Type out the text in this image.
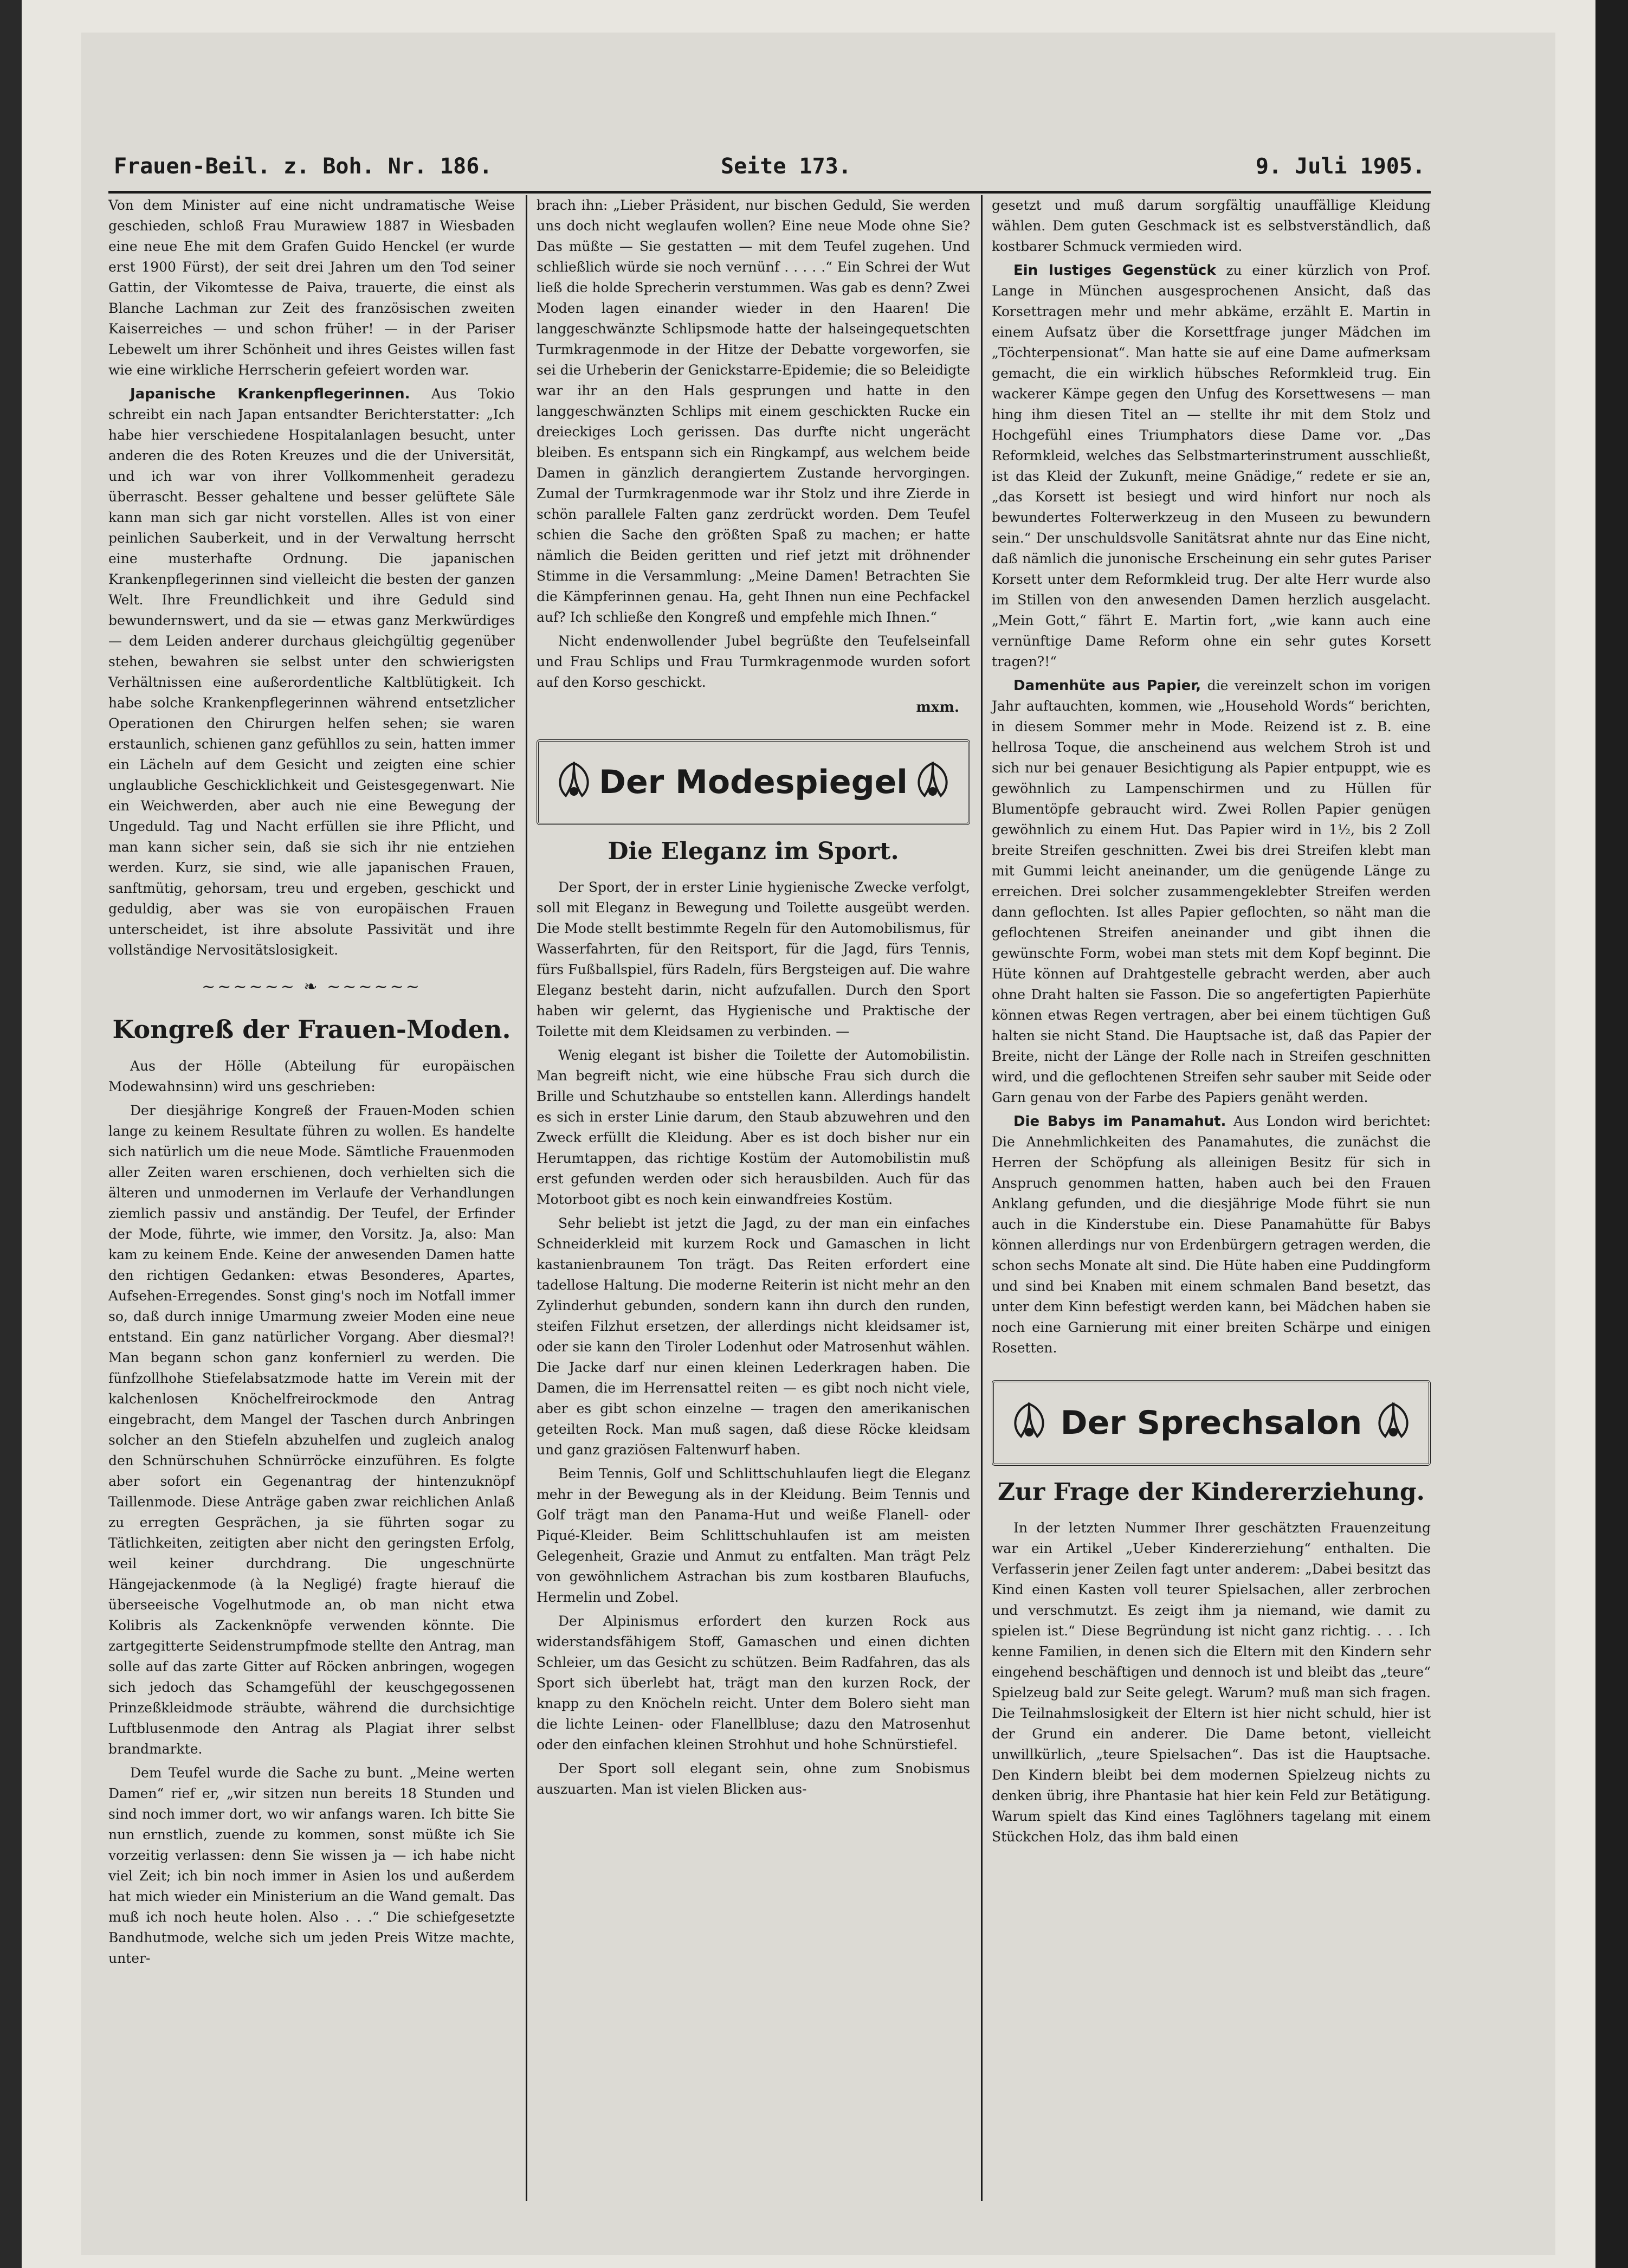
Frauen-Beil. z. Boh. Nr. 186.	Seite 173.	9. Juli 1905.

Von dem Minister auf eine nicht undramatische Weise geschieden, schloß Frau Murawiew 1887 in Wiesbaden eine neue Ehe mit dem Grafen Guido Henckel (er wurde erst 1900 Fürst), der seit drei Jahren um den Tod seiner Gattin, der Vikomtesse de Paiva, trauerte, die einst als Blanche Lachman zur Zeit des französischen zweiten Kaiserreiches — und schon früher! — in der Pariser Lebewelt um ihrer Schönheit und ihres Geistes willen fast wie eine wirkliche Herrscherin gefeiert worden war.

Japanische Krankenpflegerinnen. Aus Tokio schreibt ein nach Japan entsandter Berichterstatter: „Ich habe hier verschiedene Hospitalanlagen besucht, unter anderen die des Roten Kreuzes und die der Universität, und ich war von ihrer Vollkommenheit geradezu überrascht. Besser gehaltene und besser gelüftete Säle kann man sich gar nicht vorstellen. Alles ist von einer peinlichen Sauberkeit, und in der Verwaltung herrscht eine musterhafte Ordnung. Die japanischen Krankenpflegerinnen sind vielleicht die besten der ganzen Welt. Ihre Freundlichkeit und ihre Geduld sind bewundernswert, und da sie — etwas ganz Merkwürdiges — dem Leiden anderer durchaus gleichgültig gegenüber stehen, bewahren sie selbst unter den schwierigsten Verhältnissen eine außerordentliche Kaltblütigkeit. Ich habe solche Krankenpflegerinnen während entsetzlicher Operationen den Chirurgen helfen sehen; sie waren erstaunlich, schienen ganz gefühllos zu sein, hatten immer ein Lächeln auf dem Gesicht und zeigten eine schier unglaubliche Geschicklichkeit und Geistesgegenwart. Nie ein Weichwerden, aber auch nie eine Bewegung der Ungeduld. Tag und Nacht erfüllen sie ihre Pflicht, und man kann sicher sein, daß sie sich ihr nie entziehen werden. Kurz, sie sind, wie alle japanischen Frauen, sanftmütig, gehorsam, treu und ergeben, geschickt und geduldig, aber was sie von europäischen Frauen unterscheidet, ist ihre absolute Passivität und ihre vollständige Nervositätslosigkeit.

~~~~~~ ❧ ~~~~~~
Kongreß der Frauen-Moden.

Aus der Hölle (Abteilung für europäischen Modewahnsinn) wird uns geschrieben:

Der diesjährige Kongreß der Frauen-Moden schien lange zu keinem Resultate führen zu wollen. Es handelte sich natürlich um die neue Mode. Sämtliche Frauenmoden aller Zeiten waren erschienen, doch verhielten sich die älteren und unmodernen im Verlaufe der Verhandlungen ziemlich passiv und anständig. Der Teufel, der Erfinder der Mode, führte, wie immer, den Vorsitz. Ja, also: Man kam zu keinem Ende. Keine der anwesenden Damen hatte den richtigen Gedanken: etwas Besonderes, Apartes, Aufsehen-Erregendes. Sonst ging's noch im Notfall immer so, daß durch innige Umarmung zweier Moden eine neue entstand. Ein ganz natürlicher Vorgang. Aber diesmal?! Man begann schon ganz konfernierl zu werden. Die fünfzollhohe Stiefelabsatzmode hatte im Verein mit der kalchenlosen Knöchelfreirockmode den Antrag eingebracht, dem Mangel der Taschen durch Anbringen solcher an den Stiefeln abzuhelfen und zugleich analog den Schnürschuhen Schnürröcke einzuführen. Es folgte aber sofort ein Gegenantrag der hintenzuknöpf Taillenmode. Diese Anträge gaben zwar reichlichen Anlaß zu erregten Gesprächen, ja sie führten sogar zu Tätlichkeiten, zeitigten aber nicht den geringsten Erfolg, weil keiner durchdrang. Die ungeschnürte Hängejackenmode (à la Negligé) fragte hierauf die überseeische Vogelhutmode an, ob man nicht etwa Kolibris als Zackenknöpfe verwenden könnte. Die zartgegitterte Seidenstrumpfmode stellte den Antrag, man solle auf das zarte Gitter auf Röcken anbringen, wogegen sich jedoch das Schamgefühl der keuschgegossenen Prinzeßkleidmode sträubte, während die durchsichtige Luftblusenmode den Antrag als Plagiat ihrer selbst brandmarkte.

Dem Teufel wurde die Sache zu bunt. „Meine werten Damen“ rief er, „wir sitzen nun bereits 18 Stunden und sind noch immer dort, wo wir anfangs waren. Ich bitte Sie nun ernstlich, zuende zu kommen, sonst müßte ich Sie vorzeitig verlassen: denn Sie wissen ja — ich habe nicht viel Zeit; ich bin noch immer in Asien los und außerdem hat mich wieder ein Ministerium an die Wand gemalt. Das muß ich noch heute holen. Also . . .“ Die schiefgesetzte Bandhutmode, welche sich um jeden Preis Witze machte, unter-

brach ihn: „Lieber Präsident, nur bischen Geduld, Sie werden uns doch nicht weglaufen wollen? Eine neue Mode ohne Sie? Das müßte — Sie gestatten — mit dem Teufel zugehen. Und schließlich würde sie noch vernünf . . . . .“ Ein Schrei der Wut ließ die holde Sprecherin verstummen. Was gab es denn? Zwei Moden lagen einander wieder in den Haaren! Die langgeschwänzte Schlipsmode hatte der halseingequetschten Turmkragenmode in der Hitze der Debatte vorgeworfen, sie sei die Urheberin der Genickstarre-Epidemie; die so Beleidigte war ihr an den Hals gesprungen und hatte in den langgeschwänzten Schlips mit einem geschickten Rucke ein dreieckiges Loch gerissen. Das durfte nicht ungerächt bleiben. Es entspann sich ein Ringkampf, aus welchem beide Damen in gänzlich derangiertem Zustande hervorgingen. Zumal der Turmkragenmode war ihr Stolz und ihre Zierde in schön parallele Falten ganz zerdrückt worden. Dem Teufel schien die Sache den größten Spaß zu machen; er hatte nämlich die Beiden geritten und rief jetzt mit dröhnender Stimme in die Versammlung: „Meine Damen! Betrachten Sie die Kämpferinnen genau. Ha, geht Ihnen nun eine Pechfackel auf? Ich schließe den Kongreß und empfehle mich Ihnen.“

Nicht endenwollender Jubel begrüßte den Teufelseinfall und Frau Schlips und Frau Turmkragenmode wurden sofort auf den Korso geschickt.

mxm.
Der Modespiegel
Die Eleganz im Sport.

Der Sport, der in erster Linie hygienische Zwecke verfolgt, soll mit Eleganz in Bewegung und Toilette ausgeübt werden. Die Mode stellt bestimmte Regeln für den Automobilismus, für Wasserfahrten, für den Reitsport, für die Jagd, fürs Tennis, fürs Fußballspiel, fürs Radeln, fürs Bergsteigen auf. Die wahre Eleganz besteht darin, nicht aufzufallen. Durch den Sport haben wir gelernt, das Hygienische und Praktische der Toilette mit dem Kleidsamen zu verbinden. —

Wenig elegant ist bisher die Toilette der Automobilistin. Man begreift nicht, wie eine hübsche Frau sich durch die Brille und Schutzhaube so entstellen kann. Allerdings handelt es sich in erster Linie darum, den Staub abzuwehren und den Zweck erfüllt die Kleidung. Aber es ist doch bisher nur ein Herumtappen, das richtige Kostüm der Automobilistin muß erst gefunden werden oder sich herausbilden. Auch für das Motorboot gibt es noch kein einwandfreies Kostüm.

Sehr beliebt ist jetzt die Jagd, zu der man ein einfaches Schneiderkleid mit kurzem Rock und Gamaschen in licht kastanienbraunem Ton trägt. Das Reiten erfordert eine tadellose Haltung. Die moderne Reiterin ist nicht mehr an den Zylinderhut gebunden, sondern kann ihn durch den runden, steifen Filzhut ersetzen, der allerdings nicht kleidsamer ist, oder sie kann den Tiroler Lodenhut oder Matrosenhut wählen. Die Jacke darf nur einen kleinen Lederkragen haben. Die Damen, die im Herrensattel reiten — es gibt noch nicht viele, aber es gibt schon einzelne — tragen den amerikanischen geteilten Rock. Man muß sagen, daß diese Röcke kleidsam und ganz graziösen Faltenwurf haben.

Beim Tennis, Golf und Schlittschuhlaufen liegt die Eleganz mehr in der Bewegung als in der Kleidung. Beim Tennis und Golf trägt man den Panama-Hut und weiße Flanell- oder Piqué-Kleider. Beim Schlittschuhlaufen ist am meisten Gelegenheit, Grazie und Anmut zu entfalten. Man trägt Pelz von gewöhnlichem Astrachan bis zum kostbaren Blaufuchs, Hermelin und Zobel.

Der Alpinismus erfordert den kurzen Rock aus widerstandsfähigem Stoff, Gamaschen und einen dichten Schleier, um das Gesicht zu schützen. Beim Radfahren, das als Sport sich überlebt hat, trägt man den kurzen Rock, der knapp zu den Knöcheln reicht. Unter dem Bolero sieht man die lichte Leinen- oder Flanellbluse; dazu den Matrosenhut oder den einfachen kleinen Strohhut und hohe Schnürstiefel.

Der Sport soll elegant sein, ohne zum Snobismus auszuarten. Man ist vielen Blicken aus-

gesetzt und muß darum sorgfältig unauffällige Kleidung wählen. Dem guten Geschmack ist es selbstverständlich, daß kostbarer Schmuck vermieden wird.

Ein lustiges Gegenstück zu einer kürzlich von Prof. Lange in München ausgesprochenen Ansicht, daß das Korsettragen mehr und mehr abkäme, erzählt E. Martin in einem Aufsatz über die Korsettfrage junger Mädchen im „Töchterpensionat“. Man hatte sie auf eine Dame aufmerksam gemacht, die ein wirklich hübsches Reformkleid trug. Ein wackerer Kämpe gegen den Unfug des Korsettwesens — man hing ihm diesen Titel an — stellte ihr mit dem Stolz und Hochgefühl eines Triumphators diese Dame vor. „Das Reformkleid, welches das Selbstmarterinstrument ausschließt, ist das Kleid der Zukunft, meine Gnädige,“ redete er sie an, „das Korsett ist besiegt und wird hinfort nur noch als bewundertes Folterwerkzeug in den Museen zu bewundern sein.“ Der unschuldsvolle Sanitätsrat ahnte nur das Eine nicht, daß nämlich die junonische Erscheinung ein sehr gutes Pariser Korsett unter dem Reformkleid trug. Der alte Herr wurde also im Stillen von den anwesenden Damen herzlich ausgelacht. „Mein Gott,“ fährt E. Martin fort, „wie kann auch eine vernünftige Dame Reform ohne ein sehr gutes Korsett tragen?!“

Damenhüte aus Papier, die vereinzelt schon im vorigen Jahr auftauchten, kommen, wie „Household Words“ berichten, in diesem Sommer mehr in Mode. Reizend ist z. B. eine hellrosa Toque, die anscheinend aus welchem Stroh ist und sich nur bei genauer Besichtigung als Papier entpuppt, wie es gewöhnlich zu Lampenschirmen und zu Hüllen für Blumentöpfe gebraucht wird. Zwei Rollen Papier genügen gewöhnlich zu einem Hut. Das Papier wird in 1½, bis 2 Zoll breite Streifen geschnitten. Zwei bis drei Streifen klebt man mit Gummi leicht aneinander, um die genügende Länge zu erreichen. Drei solcher zusammengeklebter Streifen werden dann geflochten. Ist alles Papier geflochten, so näht man die geflochtenen Streifen aneinander und gibt ihnen die gewünschte Form, wobei man stets mit dem Kopf beginnt. Die Hüte können auf Drahtgestelle gebracht werden, aber auch ohne Draht halten sie Fasson. Die so angefertigten Papierhüte können etwas Regen vertragen, aber bei einem tüchtigen Guß halten sie nicht Stand. Die Hauptsache ist, daß das Papier der Breite, nicht der Länge der Rolle nach in Streifen geschnitten wird, und die geflochtenen Streifen sehr sauber mit Seide oder Garn genau von der Farbe des Papiers genäht werden.

Die Babys im Panamahut. Aus London wird berichtet: Die Annehmlichkeiten des Panamahutes, die zunächst die Herren der Schöpfung als alleinigen Besitz für sich in Anspruch genommen hatten, haben auch bei den Frauen Anklang gefunden, und die diesjährige Mode führt sie nun auch in die Kinderstube ein. Diese Panamahütte für Babys können allerdings nur von Erdenbürgern getragen werden, die schon sechs Monate alt sind. Die Hüte haben eine Puddingform und sind bei Knaben mit einem schmalen Band besetzt, das unter dem Kinn befestigt werden kann, bei Mädchen haben sie noch eine Garnierung mit einer breiten Schärpe und einigen Rosetten.

Der Sprechsalon
Zur Frage der Kindererziehung.

In der letzten Nummer Ihrer geschätzten Frauenzeitung war ein Artikel „Ueber Kindererziehung“ enthalten. Die Verfasserin jener Zeilen fagt unter anderem: „Dabei besitzt das Kind einen Kasten voll teurer Spielsachen, aller zerbrochen und verschmutzt. Es zeigt ihm ja niemand, wie damit zu spielen ist.“ Diese Begründung ist nicht ganz richtig. . . . Ich kenne Familien, in denen sich die Eltern mit den Kindern sehr eingehend beschäftigen und dennoch ist und bleibt das „teure“ Spielzeug bald zur Seite gelegt. Warum? muß man sich fragen. Die Teilnahmslosigkeit der Eltern ist hier nicht schuld, hier ist der Grund ein anderer. Die Dame betont, vielleicht unwillkürlich, „teure Spielsachen“. Das ist die Hauptsache. Den Kindern bleibt bei dem modernen Spielzeug nichts zu denken übrig, ihre Phantasie hat hier kein Feld zur Betätigung. Warum spielt das Kind eines Taglöhners tagelang mit einem Stückchen Holz, das ihm bald einen
